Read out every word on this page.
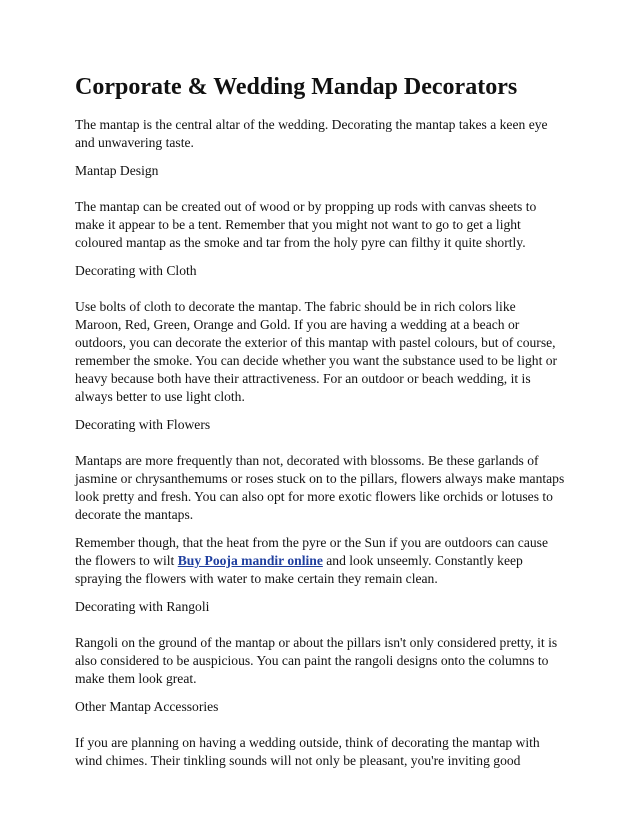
Corporate & Wedding Mandap Decorators

The mantap is the central altar of the wedding. Decorating the mantap takes a keen eye and unwavering taste.

Mantap Design

The mantap can be created out of wood or by propping up rods with canvas sheets to make it appear to be a tent. Remember that you might not want to go to get a light coloured mantap as the smoke and tar from the holy pyre can filthy it quite shortly.

Decorating with Cloth

Use bolts of cloth to decorate the mantap. The fabric should be in rich colors like Maroon, Red, Green, Orange and Gold. If you are having a wedding at a beach or outdoors, you can decorate the exterior of this mantap with pastel colours, but of course, remember the smoke. You can decide whether you want the substance used to be light or heavy because both have their attractiveness. For an outdoor or beach wedding, it is always better to use light cloth.

Decorating with Flowers

Mantaps are more frequently than not, decorated with blossoms. Be these garlands of jasmine or chrysanthemums or roses stuck on to the pillars, flowers always make mantaps look pretty and fresh. You can also opt for more exotic flowers like orchids or lotuses to decorate the mantaps.

Remember though, that the heat from the pyre or the Sun if you are outdoors can cause the flowers to wilt Buy Pooja mandir online and look unseemly. Constantly keep spraying the flowers with water to make certain they remain clean.

Decorating with Rangoli

Rangoli on the ground of the mantap or about the pillars isn't only considered pretty, it is also considered to be auspicious. You can paint the rangoli designs onto the columns to make them look great.

Other Mantap Accessories

If you are planning on having a wedding outside, think of decorating the mantap with wind chimes. Their tinkling sounds will not only be pleasant, you're inviting good
